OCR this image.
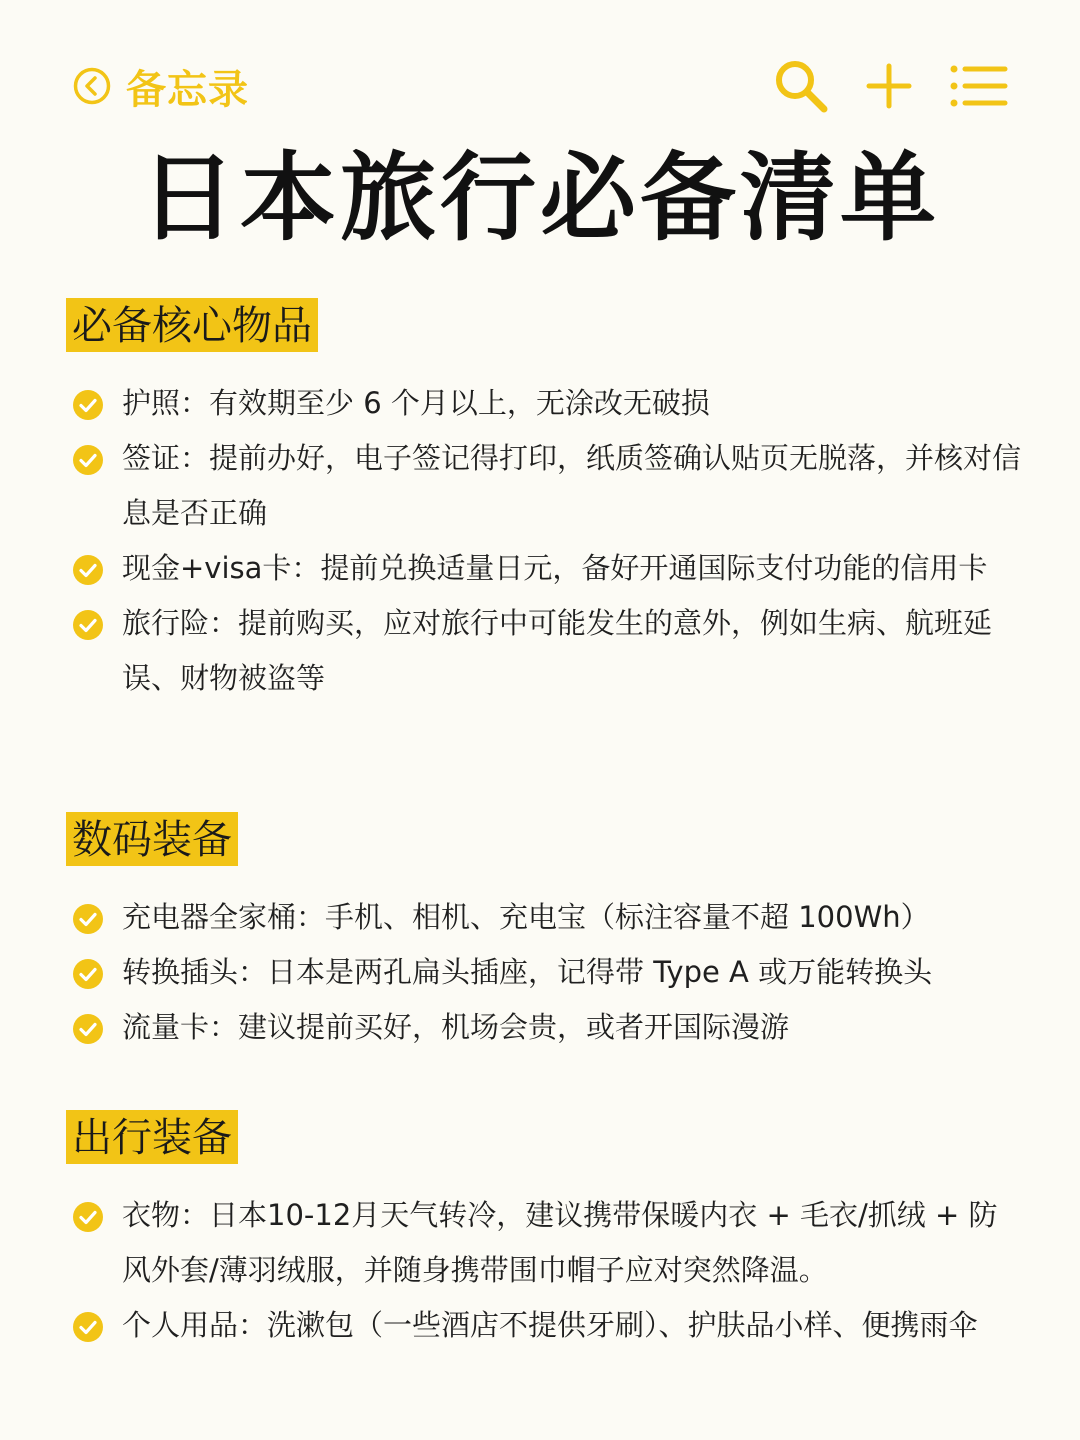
备忘录
日本旅行必备清单
必备核心物品
护照：有效期至少 6 个月以上，无涂改无破损
签证：提前办好，电子签记得打印，纸质签确认贴页无脱落，并核对信息是否正确
现金+visa卡：提前兑换适量日元，备好开通国际支付功能的信用卡
旅行险：提前购买，应对旅行中可能发生的意外，例如生病、航班延误、财物被盗等
数码装备
充电器全家桶：手机、相机、充电宝（标注容量不超 100Wh）
转换插头：日本是两孔扁头插座，记得带 Type A 或万能转换头
流量卡：建议提前买好，机场会贵，或者开国际漫游
出行装备
衣物：日本10-12月天气转冷，建议携带保暖内衣 + 毛衣/抓绒 + 防风外套/薄羽绒服，并随身携带围巾帽子应对突然降温。
个人用品：洗漱包（一些酒店不提供牙刷）、护肤品小样、便携雨伞
